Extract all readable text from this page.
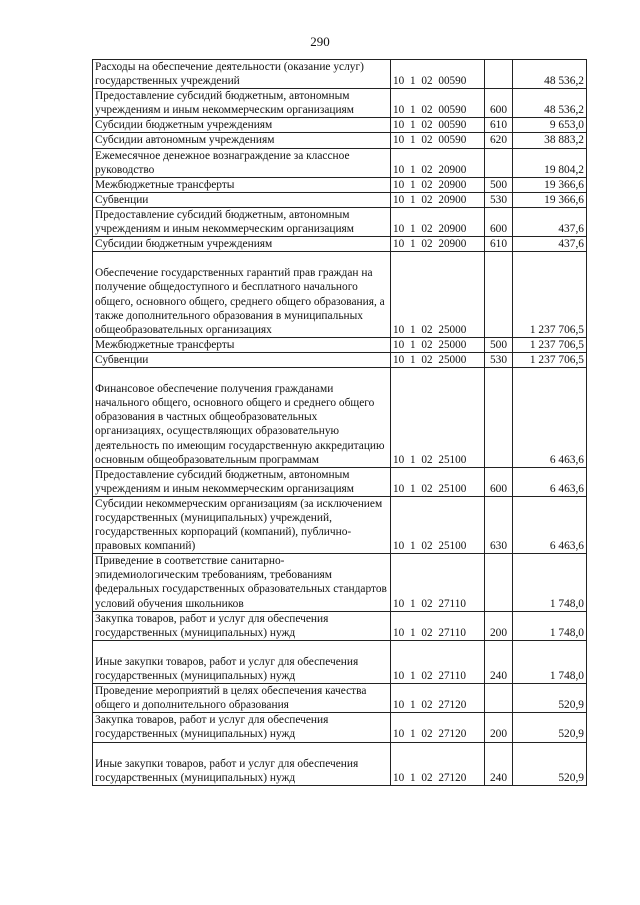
290
Расходы на обеспечение деятельности (оказание услуг) государственных учреждений	10 1 02 00590		48 536,2
Предоставление субсидий бюджетным, автономным учреждениям и иным некоммерческим организациям	10 1 02 00590	600	48 536,2
Субсидии бюджетным учреждениям	10 1 02 00590	610	9 653,0
Субсидии автономным учреждениям	10 1 02 00590	620	38 883,2
Ежемесячное денежное вознаграждение за классное руководство	10 1 02 20900		19 804,2
Межбюджетные трансферты	10 1 02 20900	500	19 366,6
Субвенции	10 1 02 20900	530	19 366,6
Предоставление субсидий бюджетным, автономным учреждениям и иным некоммерческим организациям	10 1 02 20900	600	437,6
Субсидии бюджетным учреждениям	10 1 02 20900	610	437,6
Обеспечение государственных гарантий прав граждан на получение общедоступного и бесплатного начального общего, основного общего, среднего общего образования, а также дополнительного образования в муниципальных общеобразовательных организациях	10 1 02 25000		1 237 706,5
Межбюджетные трансферты	10 1 02 25000	500	1 237 706,5
Субвенции	10 1 02 25000	530	1 237 706,5
Финансовое обеспечение получения гражданами начального общего, основного общего и среднего общего образования в частных общеобразовательных организациях, осуществляющих образовательную деятельность по имеющим государственную аккредитацию основным общеобразовательным программам	10 1 02 25100		6 463,6
Предоставление субсидий бюджетным, автономным учреждениям и иным некоммерческим организациям	10 1 02 25100	600	6 463,6
Субсидии некоммерческим организациям (за исключением государственных (муниципальных) учреждений, государственных корпораций (компаний), публично-правовых компаний)	10 1 02 25100	630	6 463,6
Приведение в соответствие санитарно-эпидемиологическим требованиям, требованиям федеральных государственных образовательных стандартов условий обучения школьников	10 1 02 27110		1 748,0
Закупка товаров, работ и услуг для обеспечения государственных (муниципальных) нужд	10 1 02 27110	200	1 748,0
Иные закупки товаров, работ и услуг для обеспечения государственных (муниципальных) нужд	10 1 02 27110	240	1 748,0
Проведение мероприятий в целях обеспечения качества общего и дополнительного образования	10 1 02 27120		520,9
Закупка товаров, работ и услуг для обеспечения государственных (муниципальных) нужд	10 1 02 27120	200	520,9
Иные закупки товаров, работ и услуг для обеспечения государственных (муниципальных) нужд	10 1 02 27120	240	520,9
